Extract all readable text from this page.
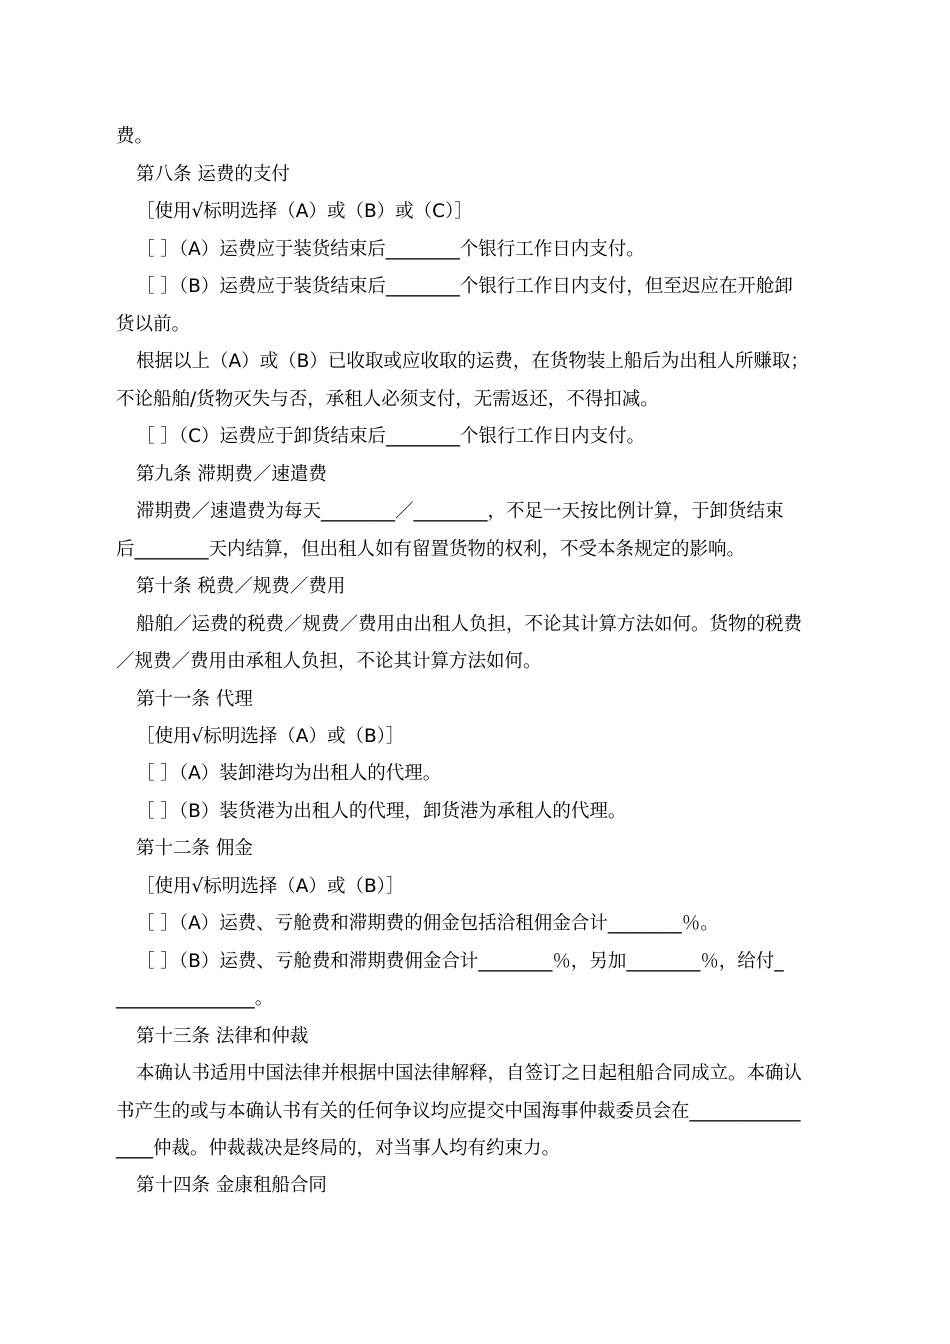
费。
第八条 运费的支付
［使用√标明选择（A）或（B）或（C）］
［ ］（A）运费应于装货结束后________个银行工作日内支付。
［ ］（B）运费应于装货结束后________个银行工作日内支付，但至迟应在开舱卸
货以前。
根据以上（A）或（B）已收取或应收取的运费，在货物装上船后为出租人所赚取；
不论船舶/货物灭失与否，承租人必须支付，无需返还，不得扣减。
［ ］（C）运费应于卸货结束后________个银行工作日内支付。
第九条 滞期费／速遣费
滞期费／速遣费为每天________／________，不足一天按比例计算，于卸货结束
后________天内结算，但出租人如有留置货物的权利，不受本条规定的影响。
第十条 税费／规费／费用
船舶／运费的税费／规费／费用由出租人负担，不论其计算方法如何。货物的税费
／规费／费用由承租人负担，不论其计算方法如何。
第十一条 代理
［使用√标明选择（A）或（B）］
［ ］（A）装卸港均为出租人的代理。
［ ］（B）装货港为出租人的代理，卸货港为承租人的代理。
第十二条 佣金
［使用√标明选择（A）或（B）］
［ ］（A）运费、亏舱费和滞期费的佣金包括洽租佣金合计________％。
［ ］（B）运费、亏舱费和滞期费佣金合计________％，另加________％，给付_
_______________。
第十三条 法律和仲裁
本确认书适用中国法律并根据中国法律解释，自签订之日起租船合同成立。本确认
书产生的或与本确认书有关的任何争议均应提交中国海事仲裁委员会在____________
____仲裁。仲裁裁决是终局的，对当事人均有约束力。
第十四条 金康租船合同
